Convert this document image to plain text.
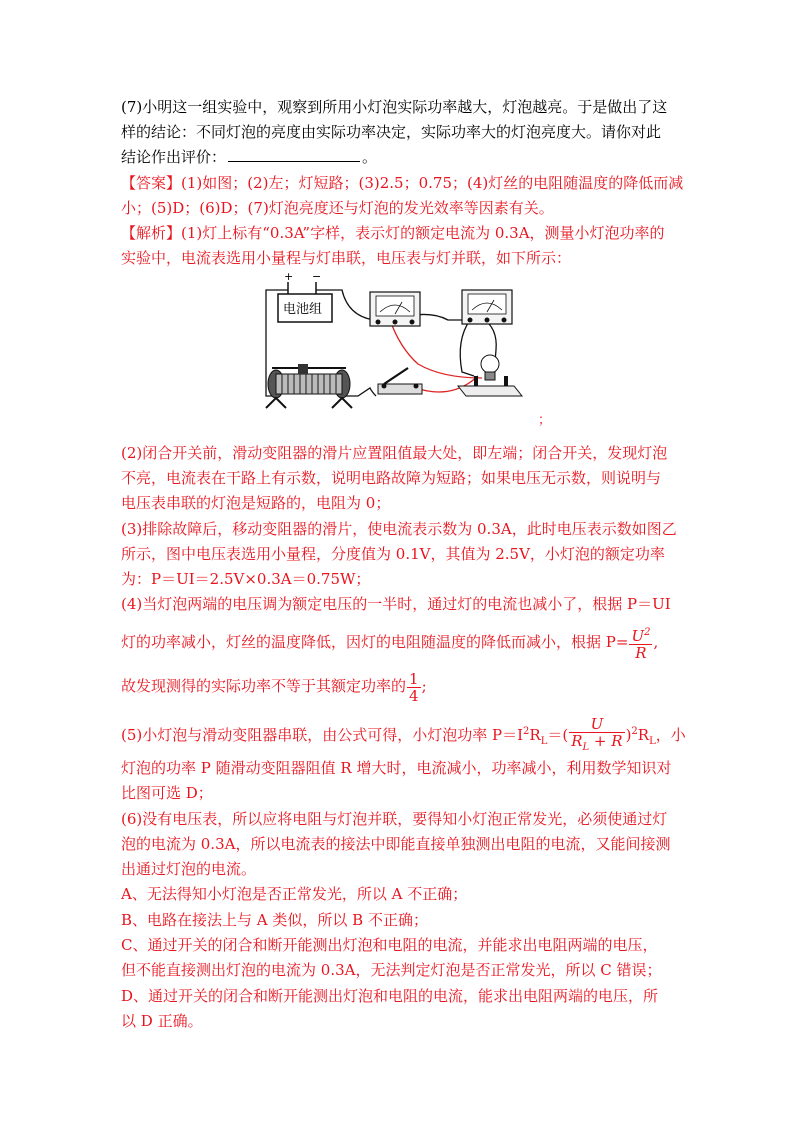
(7)小明这一组实验中，观察到所用小灯泡实际功率越大，灯泡越亮。于是做出了这
样的结论：不同灯泡的亮度由实际功率决定，实际功率大的灯泡亮度大。请你对此
结论作出评价：	。
【答案】(1)如图；(2)左；灯短路；(3)2.5；0.75；(4)灯丝的电阻随温度的降低而减
小；(5)D；(6)D；(7)灯泡亮度还与灯泡的发光效率等因素有关。
【解析】(1)灯上标有“0.3A”字样，表示灯的额定电流为 0.3A，测量小灯泡功率的
实验中，电流表选用小量程与灯串联，电压表与灯并联，如下所示：
+ −
电池组
；
(2)闭合开关前，滑动变阻器的滑片应置阻值最大处，即左端；闭合开关，发现灯泡
不亮，电流表在干路上有示数，说明电路故障为短路；如果电压无示数，则说明与
电压表串联的灯泡是短路的，电阻为 0；
(3)排除故障后，移动变阻器的滑片，使电流表示数为 0.3A，此时电压表示数如图乙
所示，图中电压表选用小量程，分度值为 0.1V，其值为 2.5V，小灯泡的额定功率
为：P＝UI＝2.5V×0.3A＝0.75W；
(4)当灯泡两端的电压调为额定电压的一半时，通过灯的电流也减小了，根据 P＝UI
灯的功率减小，灯丝的温度降低，因灯的电阻随温度的降低而减小，根据 $P= \frac{U^2}{R}$ ,
故发现测得的实际功率不等于其额定功率的 $\frac{1}{4}$ ;
(5)小灯泡与滑动变阻器串联，由公式可得，小灯泡功率 $P=I^2R_L=( \frac{U}{R_L + R} )^2R_L$，小
灯泡的功率 P 随滑动变阻器阻值 R 增大时，电流减小，功率减小，利用数学知识对
比图可选 D；
(6)没有电压表，所以应将电阻与灯泡并联，要得知小灯泡正常发光，必须使通过灯
泡的电流为 0.3A，所以电流表的接法中即能直接单独测出电阻的电流，又能间接测
出通过灯泡的电流。
A、无法得知小灯泡是否正常发光，所以 A 不正确；
B、电路在接法上与 A 类似，所以 B 不正确；
C、通过开关的闭合和断开能测出灯泡和电阻的电流，并能求出电阻两端的电压，
但不能直接测出灯泡的电流为 0.3A，无法判定灯泡是否正常发光，所以 C 错误；
D、通过开关的闭合和断开能测出灯泡和电阻的电流，能求出电阻两端的电压，所
以 D 正确。
